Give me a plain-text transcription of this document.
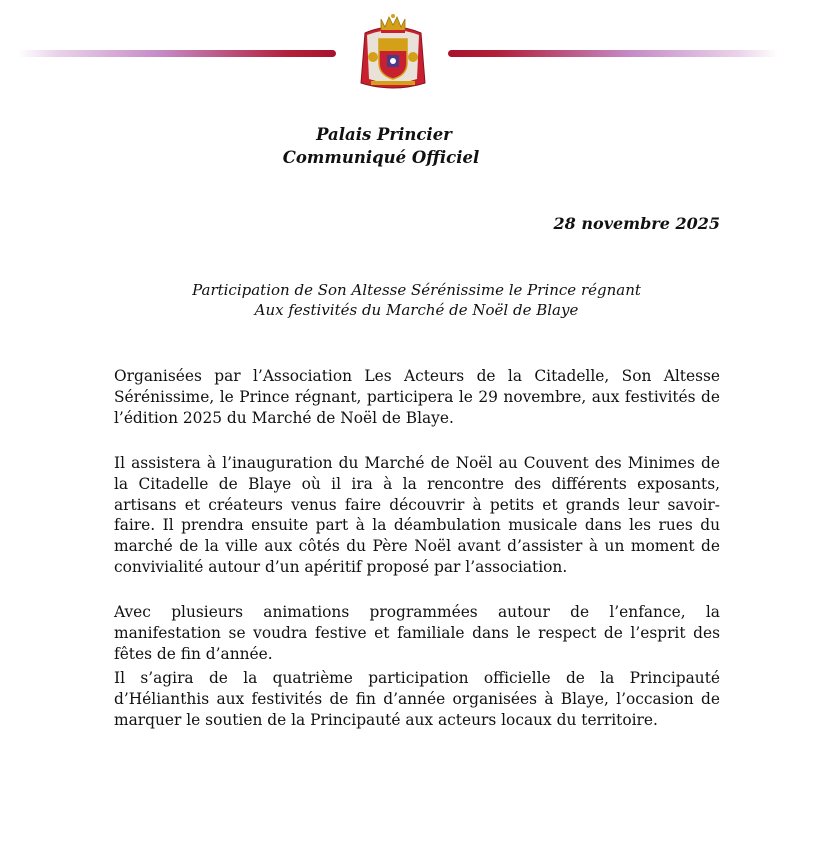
Palais Princier
Communiqué Officiel
28 novembre 2025
Participation de Son Altesse Sérénissime le Prince régnant
Aux festivités du Marché de Noël de Blaye

Organisées par l’Association Les Acteurs de la Citadelle, Son Altesse Sérénissime, le Prince régnant, participera le 29 novembre, aux festivités de l’édition 2025 du Marché de Noël de Blaye.

Il assistera à l’inauguration du Marché de Noël au Couvent des Minimes de la Citadelle de Blaye où il ira à la rencontre des différents exposants, artisans et créateurs venus faire découvrir à petits et grands leur savoir-faire. Il prendra ensuite part à la déambulation musicale dans les rues du marché de la ville aux côtés du Père Noël avant d’assister à un moment de convivialité autour d’un apéritif proposé par l’association.

Avec plusieurs animations programmées autour de l’enfance, la manifestation se voudra festive et familiale dans le respect de l’esprit des fêtes de fin d’année.

Il s’agira de la quatrième participation officielle de la Principauté d’Hélianthis aux festivités de fin d’année organisées à Blaye, l’occasion de marquer le soutien de la Principauté aux acteurs locaux du territoire.
